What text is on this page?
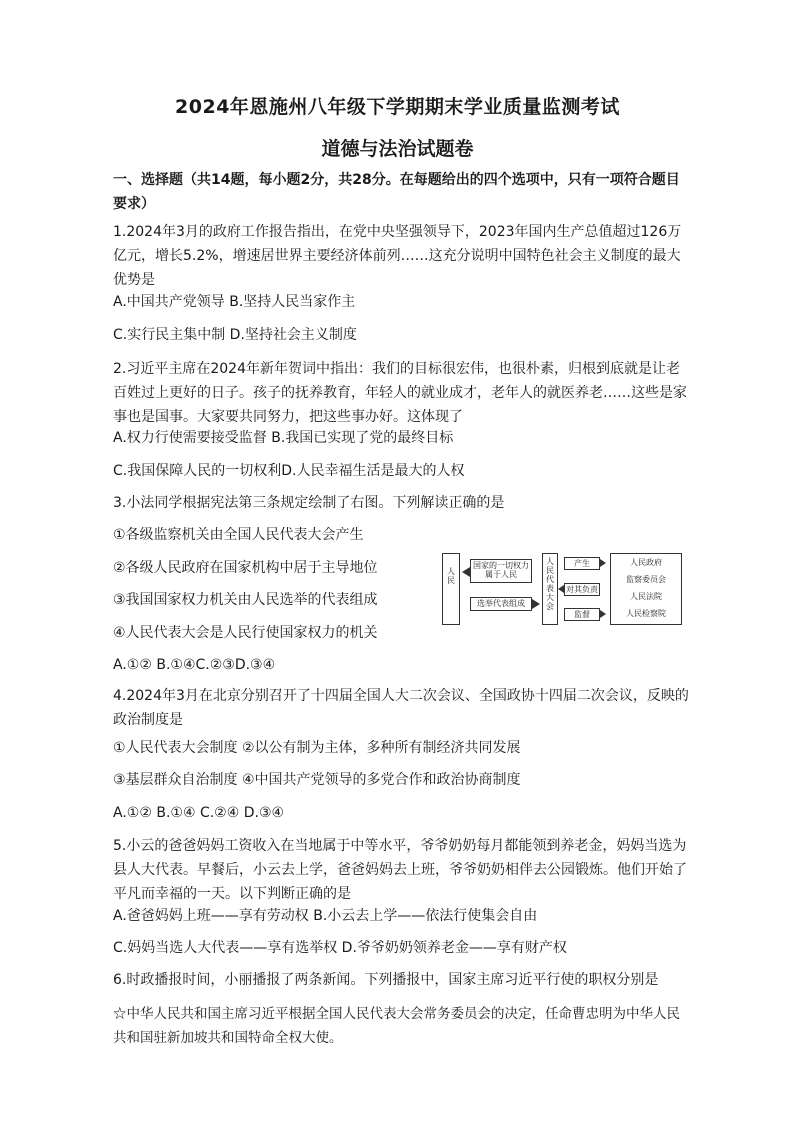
2024年恩施州八年级下学期期末学业质量监测考试
道德与法治试题卷
一、选择题（共14题，每小题2分，共28分。在每题给出的四个选项中，只有一项符合题目要求）
1.2024年3月的政府工作报告指出，在党中央坚强领导下，2023年国内生产总值超过126万亿元，增长5.2%，增速居世界主要经济体前列……这充分说明中国特色社会主义制度的最大优势是
A.中国共产党领导 B.坚持人民当家作主
C.实行民主集中制 D.坚持社会主义制度
2.习近平主席在2024年新年贺词中指出：我们的目标很宏伟，也很朴素，归根到底就是让老百姓过上更好的日子。孩子的抚养教育，年轻人的就业成才，老年人的就医养老……这些是家事也是国事。大家要共同努力，把这些事办好。这体现了
A.权力行使需要接受监督 B.我国已实现了党的最终目标
C.我国保障人民的一切权利D.人民幸福生活是最大的人权
3.小法同学根据宪法第三条规定绘制了右图。下列解读正确的是
①各级监察机关由全国人民代表大会产生
②各级人民政府在国家机构中居于主导地位
③我国国家权力机关由人民选举的代表组成
④人民代表大会是人民行使国家权力的机关
A.①② B.①④C.②③D.③④
人民
国家的一切权力属于人民
选举代表组成
人民代表大会
产生
对其负责
监督
人民政府
监察委员会
人民法院
人民检察院
4.2024年3月在北京分别召开了十四届全国人大二次会议、全国政协十四届二次会议，反映的政治制度是
①人民代表大会制度 ②以公有制为主体，多种所有制经济共同发展
③基层群众自治制度 ④中国共产党领导的多党合作和政治协商制度
A.①② B.①④ C.②④ D.③④
5.小云的爸爸妈妈工资收入在当地属于中等水平，爷爷奶奶每月都能领到养老金，妈妈当选为县人大代表。早餐后，小云去上学，爸爸妈妈去上班，爷爷奶奶相伴去公园锻炼。他们开始了平凡而幸福的一天。以下判断正确的是
A.爸爸妈妈上班——享有劳动权 B.小云去上学——依法行使集会自由
C.妈妈当选人大代表——享有选举权 D.爷爷奶奶领养老金——享有财产权
6.时政播报时间，小丽播报了两条新闻。下列播报中，国家主席习近平行使的职权分别是
☆中华人民共和国主席习近平根据全国人民代表大会常务委员会的决定，任命曹忠明为中华人民共和国驻新加坡共和国特命全权大使。
